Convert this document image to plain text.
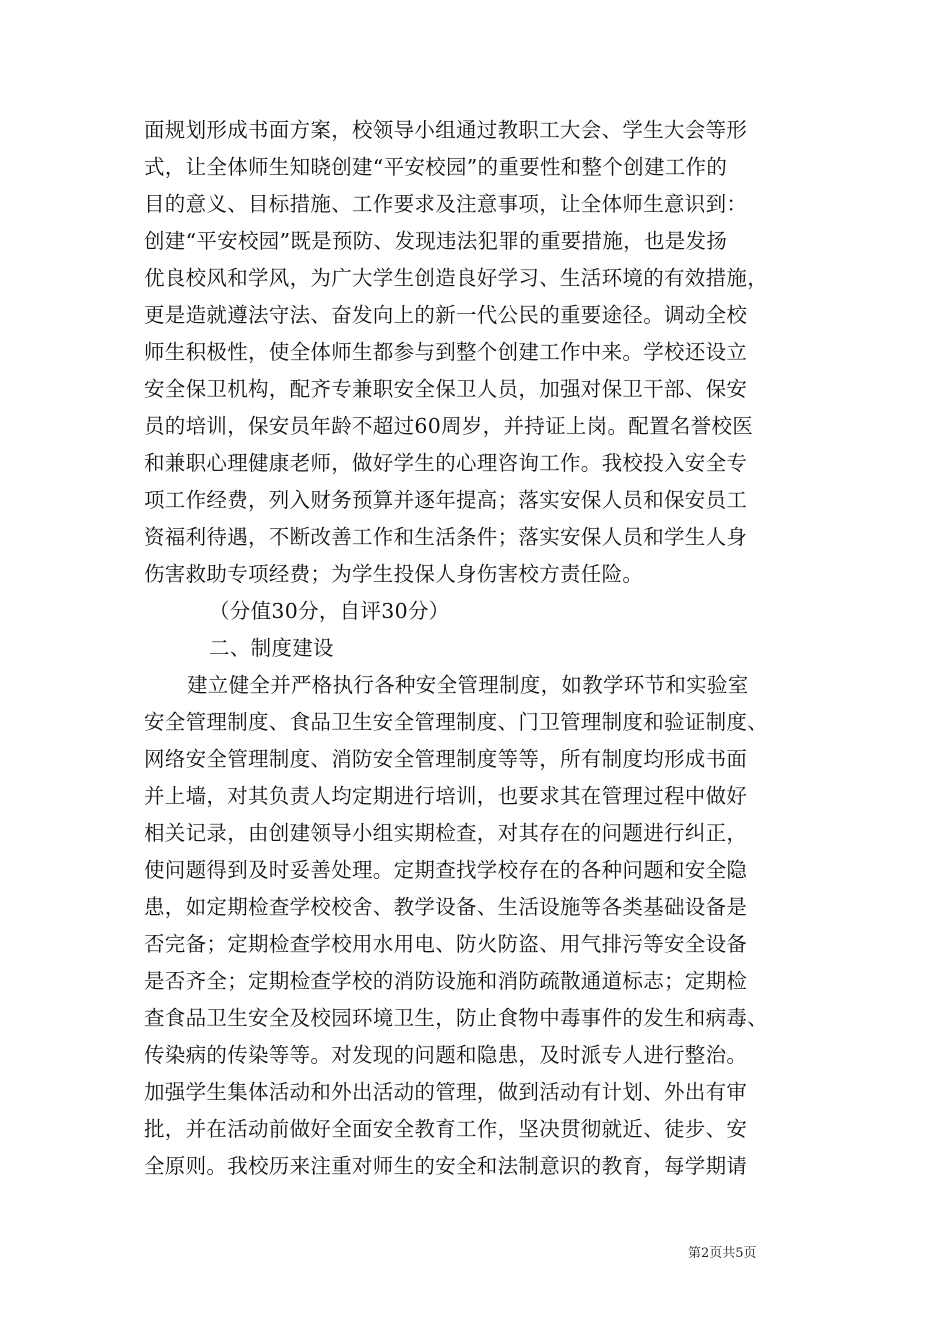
面规划形成书面方案，校领导小组通过教职工大会、学生大会等形
式，让全体师生知晓创建“平安校园”的重要性和整个创建工作的
目的意义、目标措施、工作要求及注意事项，让全体师生意识到：
创建“平安校园”既是预防、发现违法犯罪的重要措施，也是发扬
优良校风和学风，为广大学生创造良好学习、生活环境的有效措施，
更是造就遵法守法、奋发向上的新一代公民的重要途径。调动全校
师生积极性，使全体师生都参与到整个创建工作中来。学校还设立
安全保卫机构，配齐专兼职安全保卫人员，加强对保卫干部、保安
员的培训，保安员年龄不超过60周岁，并持证上岗。配置名誉校医
和兼职心理健康老师，做好学生的心理咨询工作。我校投入安全专
项工作经费，列入财务预算并逐年提高；落实安保人员和保安员工
资福利待遇，不断改善工作和生活条件；落实安保人员和学生人身
伤害救助专项经费；为学生投保人身伤害校方责任险。
（分值30分，自评30分）
二、制度建设
建立健全并严格执行各种安全管理制度，如教学环节和实验室
安全管理制度、食品卫生安全管理制度、门卫管理制度和验证制度、
网络安全管理制度、消防安全管理制度等等，所有制度均形成书面
并上墙，对其负责人均定期进行培训，也要求其在管理过程中做好
相关记录，由创建领导小组实期检查，对其存在的问题进行纠正，
使问题得到及时妥善处理。定期查找学校存在的各种问题和安全隐
患，如定期检查学校校舍、教学设备、生活设施等各类基础设备是
否完备；定期检查学校用水用电、防火防盗、用气排污等安全设备
是否齐全；定期检查学校的消防设施和消防疏散通道标志；定期检
查食品卫生安全及校园环境卫生，防止食物中毒事件的发生和病毒、
传染病的传染等等。对发现的问题和隐患，及时派专人进行整治。
加强学生集体活动和外出活动的管理，做到活动有计划、外出有审
批，并在活动前做好全面安全教育工作，坚决贯彻就近、徒步、安
全原则。我校历来注重对师生的安全和法制意识的教育，每学期请
第2页共5页
